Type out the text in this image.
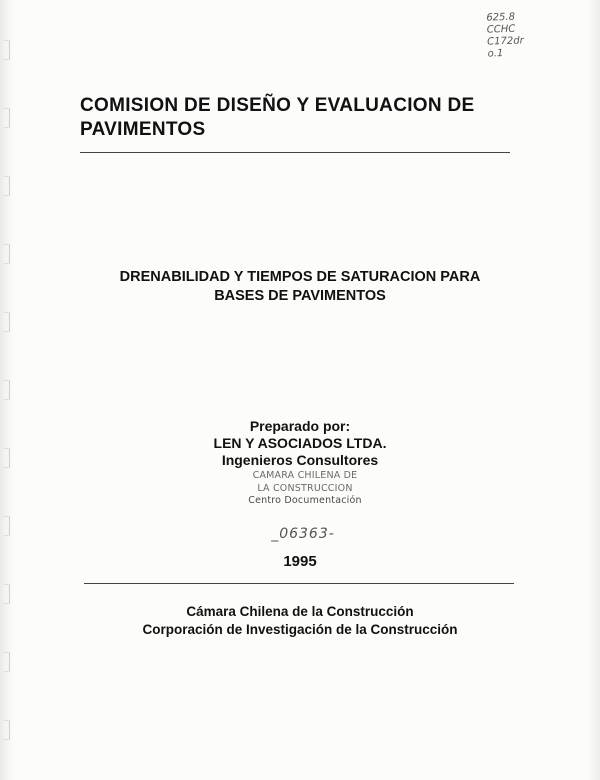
625.8
CCHC
C172dr
o.1
COMISION DE DISEÑO Y EVALUACION DE PAVIMENTOS
DRENABILIDAD Y TIEMPOS DE SATURACION PARA
BASES DE PAVIMENTOS
Preparado por:
LEN Y ASOCIADOS LTDA.
Ingenieros Consultores
CAMARA CHILENA DE
LA CONSTRUCCION
Centro Documentación
_06363-
1995
Cámara Chilena de la Construcción
Corporación de Investigación de la Construcción
